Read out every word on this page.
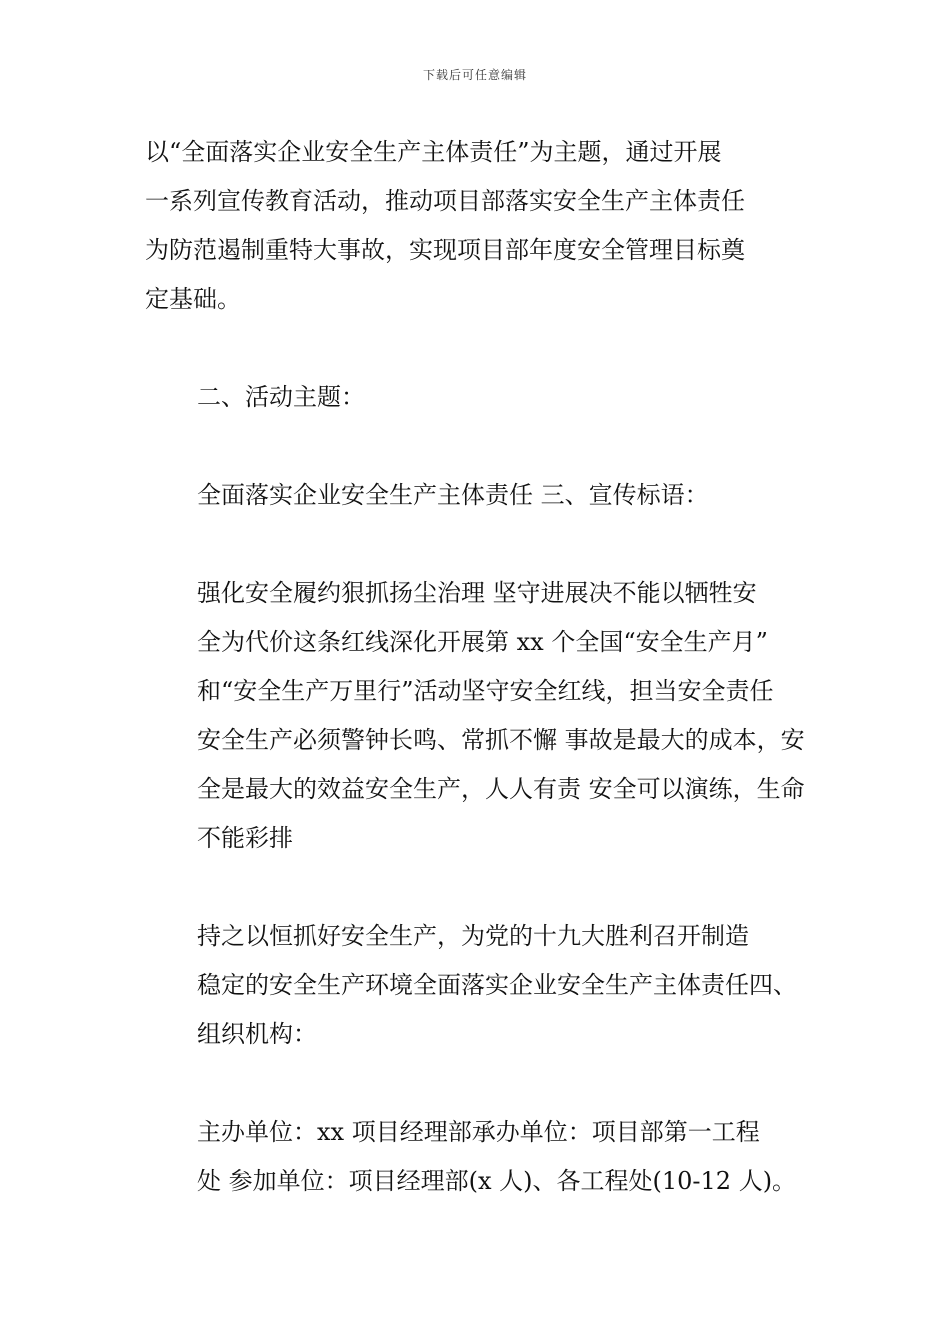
下载后可任意编辑
以“全面落实企业安全生产主体责任”为主题，通过开展
一系列宣传教育活动，推动项目部落实安全生产主体责任
为防范遏制重特大事故，实现项目部年度安全管理目标奠
定基础。
二、活动主题：
全面落实企业安全生产主体责任 三、宣传标语：
强化安全履约狠抓扬尘治理 坚守进展决不能以牺牲安
全为代价这条红线深化开展第 xx 个全国“安全生产月”
和“安全生产万里行”活动坚守安全红线，担当安全责任
安全生产必须警钟长鸣、常抓不懈 事故是最大的成本，安
全是最大的效益安全生产，人人有责 安全可以演练，生命
不能彩排
持之以恒抓好安全生产，为党的十九大胜利召开制造
稳定的安全生产环境全面落实企业安全生产主体责任四、
组织机构：
主办单位：xx 项目经理部承办单位：项目部第一工程
处 参加单位：项目经理部(x 人)、各工程处(10-12 人)。
